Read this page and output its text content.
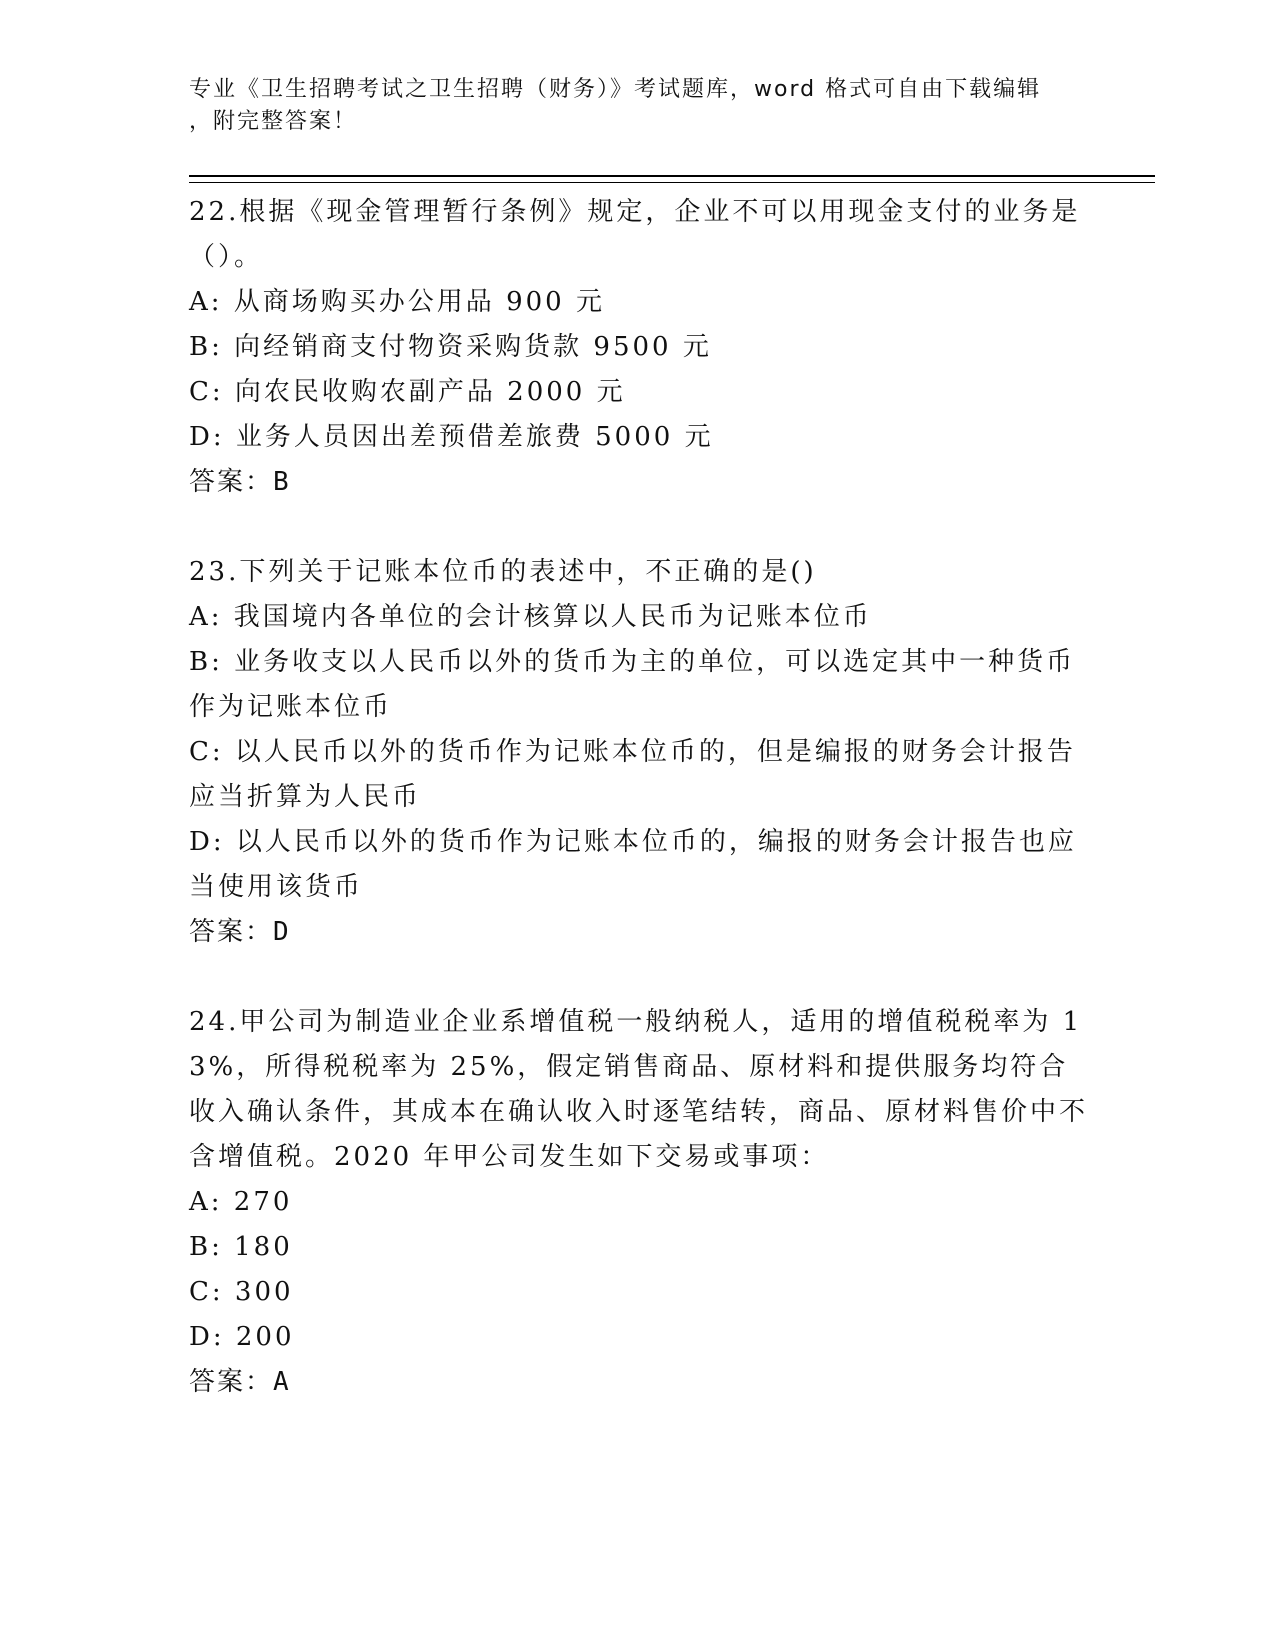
专业《卫生招聘考试之卫生招聘（财务）》考试题库，word 格式可自由下载编辑
，附完整答案！

22.根据《现金管理暂行条例》规定，企业不可以用现金支付的业务是

（）。

A: 从商场购买办公用品 900 元

B: 向经销商支付物资采购货款 9500 元

C: 向农民收购农副产品 2000 元

D: 业务人员因出差预借差旅费 5000 元

答案：B

23.下列关于记账本位币的表述中，不正确的是()

A: 我国境内各单位的会计核算以人民币为记账本位币

B: 业务收支以人民币以外的货币为主的单位，可以选定其中一种货币作为记账本位币

C: 以人民币以外的货币作为记账本位币的，但是编报的财务会计报告应当折算为人民币

D: 以人民币以外的货币作为记账本位币的，编报的财务会计报告也应当使用该货币

答案：D

24.甲公司为制造业企业系增值税一般纳税人，适用的增值税税率为 13%，所得税税率为 25%，假定销售商品、原材料和提供服务均符合收入确认条件，其成本在确认收入时逐笔结转，商品、原材料售价中不含增值税。2020 年甲公司发生如下交易或事项：

A: 270

B: 180

C: 300

D: 200

答案：A
